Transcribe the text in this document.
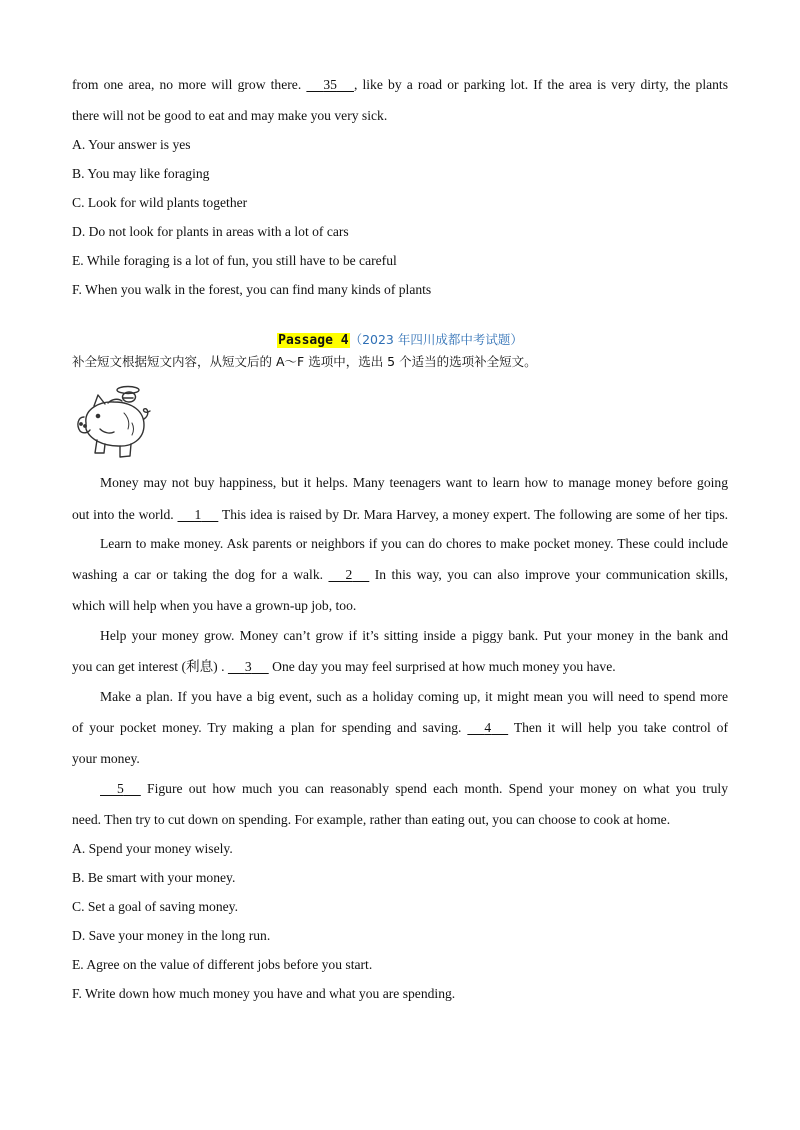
from one area, no more will grow there. 35 , like by a road or parking lot. If the area is very dirty, the plants
there will not be good to eat and may make you very sick.
A. Your answer is yes
B. You may like foraging
C. Look for wild plants together
D. Do not look for plants in areas with a lot of cars
E. While foraging is a lot of fun, you still have to be careful
F. When you walk in the forest, you can find many kinds of plants
Passage 4（2023 年四川成都中考试题）
补全短文根据短文内容，从短文后的 A～F 选项中，选出 5 个适当的选项补全短文。
Money may not buy happiness, but it helps. Many teenagers want to learn how to manage money before going
out into the world. 1 This idea is raised by Dr. Mara Harvey, a money expert. The following are some of her tips.
Learn to make money. Ask parents or neighbors if you can do chores to make pocket money. These could include
washing a car or taking the dog for a walk. 2 In this way, you can also improve your communication skills,
which will help when you have a grown-up job, too.
Help your money grow. Money can’t grow if it’s sitting inside a piggy bank. Put your money in the bank and
you can get interest (利息) . 3 One day you may feel surprised at how much money you have.
Make a plan. If you have a big event, such as a holiday coming up, it might mean you will need to spend more
of your pocket money. Try making a plan for spending and saving. 4 Then it will help you take control of
your money.
5 Figure out how much you can reasonably spend each month. Spend your money on what you truly
need. Then try to cut down on spending. For example, rather than eating out, you can choose to cook at home.
A. Spend your money wisely.
B. Be smart with your money.
C. Set a goal of saving money.
D. Save your money in the long run.
E. Agree on the value of different jobs before you start.
F. Write down how much money you have and what you are spending.
